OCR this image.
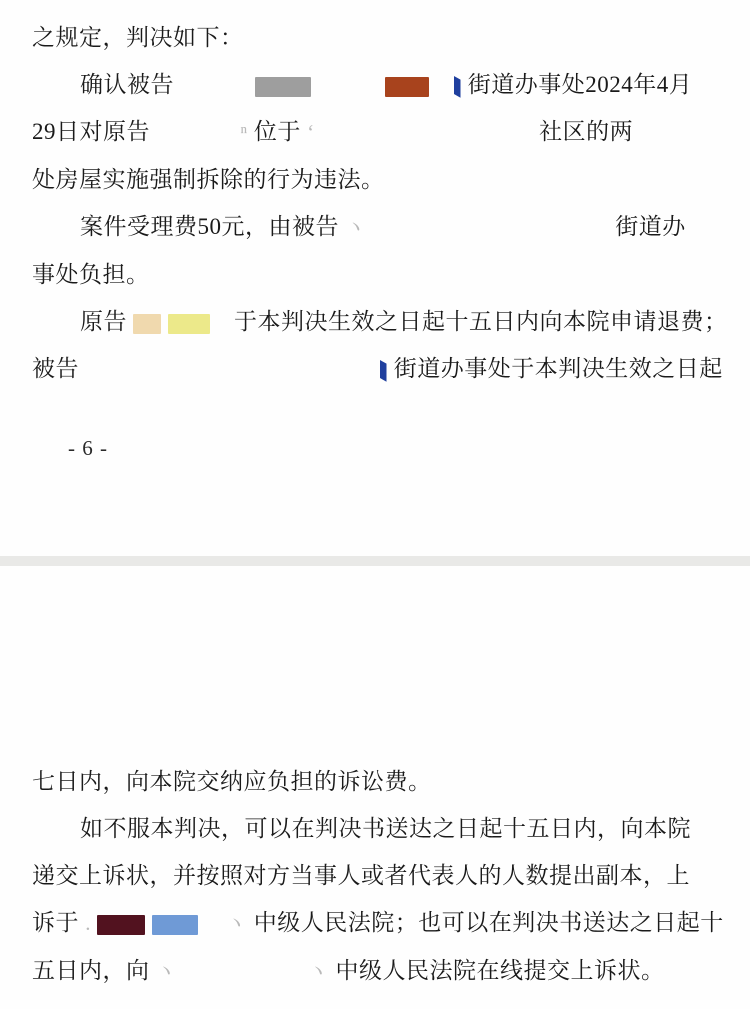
之规定，判决如下：
确认被告	街道办事处2024年4月
29日对原告	ⁿ 位于 ‘	社区的两
处房屋实施强制拆除的行为违法。
案件受理费50元，由被告 ヽ	街道办
事处负担。
原告	于本判决生效之日起十五日内向本院申请退费；
被告	街道办事处于本判决生效之日起
- 6 -
七日内，向本院交纳应负担的诉讼费。
如不服本判决，可以在判决书送达之日起十五日内，向本院
递交上诉状，并按照对方当事人或者代表人的人数提出副本，上
诉于 .	ヽ 中级人民法院；也可以在判决书送达之日起十
五日内，向 ヽ	ヽ 中级人民法院在线提交上诉状。
